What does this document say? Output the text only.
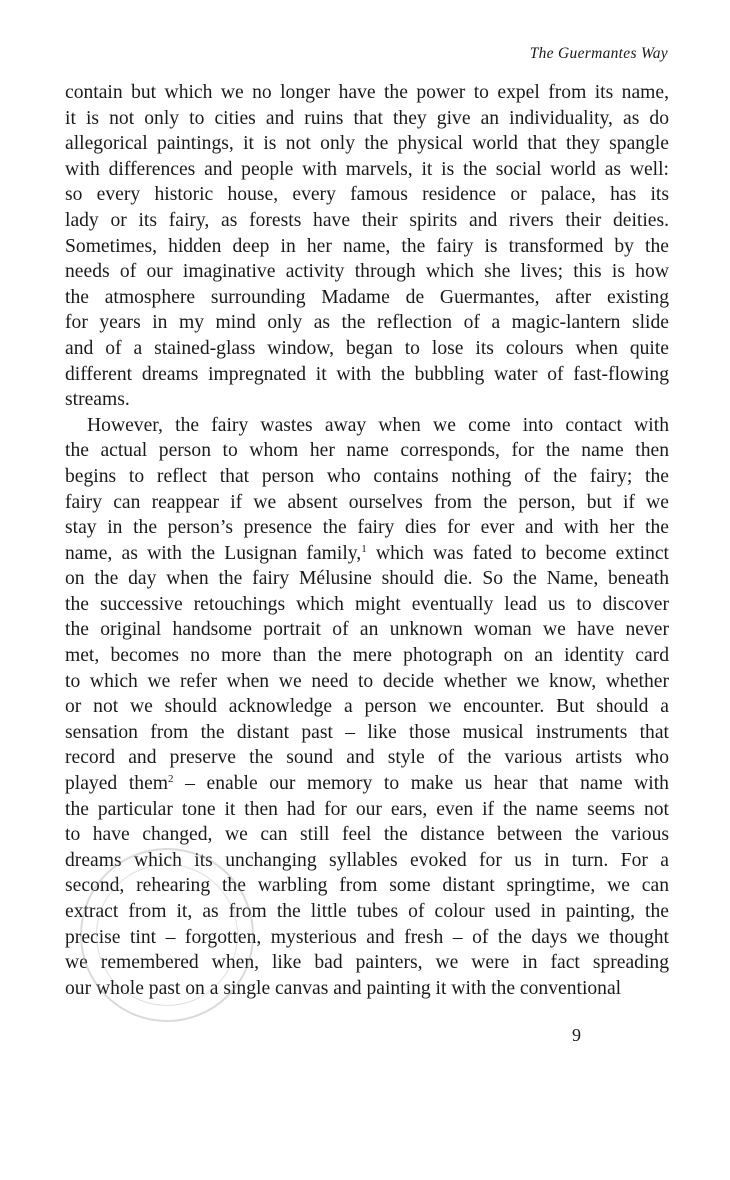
The Guermantes Way
contain but which we no longer have the power to expel from its name,
it is not only to cities and ruins that they give an individuality, as do
allegorical paintings, it is not only the physical world that they spangle
with differences and people with marvels, it is the social world as well:
so every historic house, every famous residence or palace, has its
lady or its fairy, as forests have their spirits and rivers their deities.
Sometimes, hidden deep in her name, the fairy is transformed by the
needs of our imaginative activity through which she lives; this is how
the atmosphere surrounding Madame de Guermantes, after existing
for years in my mind only as the reflection of a magic-lantern slide
and of a stained-glass window, began to lose its colours when quite
different dreams impregnated it with the bubbling water of fast-flowing
streams.
However, the fairy wastes away when we come into contact with
the actual person to whom her name corresponds, for the name then
begins to reflect that person who contains nothing of the fairy; the
fairy can reappear if we absent ourselves from the person, but if we
stay in the person’s presence the fairy dies for ever and with her the
name, as with the Lusignan family,$^1$ which was fated to become extinct
on the day when the fairy Mélusine should die. So the Name, beneath
the successive retouchings which might eventually lead us to discover
the original handsome portrait of an unknown woman we have never
met, becomes no more than the mere photograph on an identity card
to which we refer when we need to decide whether we know, whether
or not we should acknowledge a person we encounter. But should a
sensation from the distant past – like those musical instruments that
record and preserve the sound and style of the various artists who
played them$^2$ – enable our memory to make us hear that name with
the particular tone it then had for our ears, even if the name seems not
to have changed, we can still feel the distance between the various
dreams which its unchanging syllables evoked for us in turn. For a
second, rehearing the warbling from some distant springtime, we can
extract from it, as from the little tubes of colour used in painting, the
precise tint – forgotten, mysterious and fresh – of the days we thought
we remembered when, like bad painters, we were in fact spreading
our whole past on a single canvas and painting it with the conventional
9
